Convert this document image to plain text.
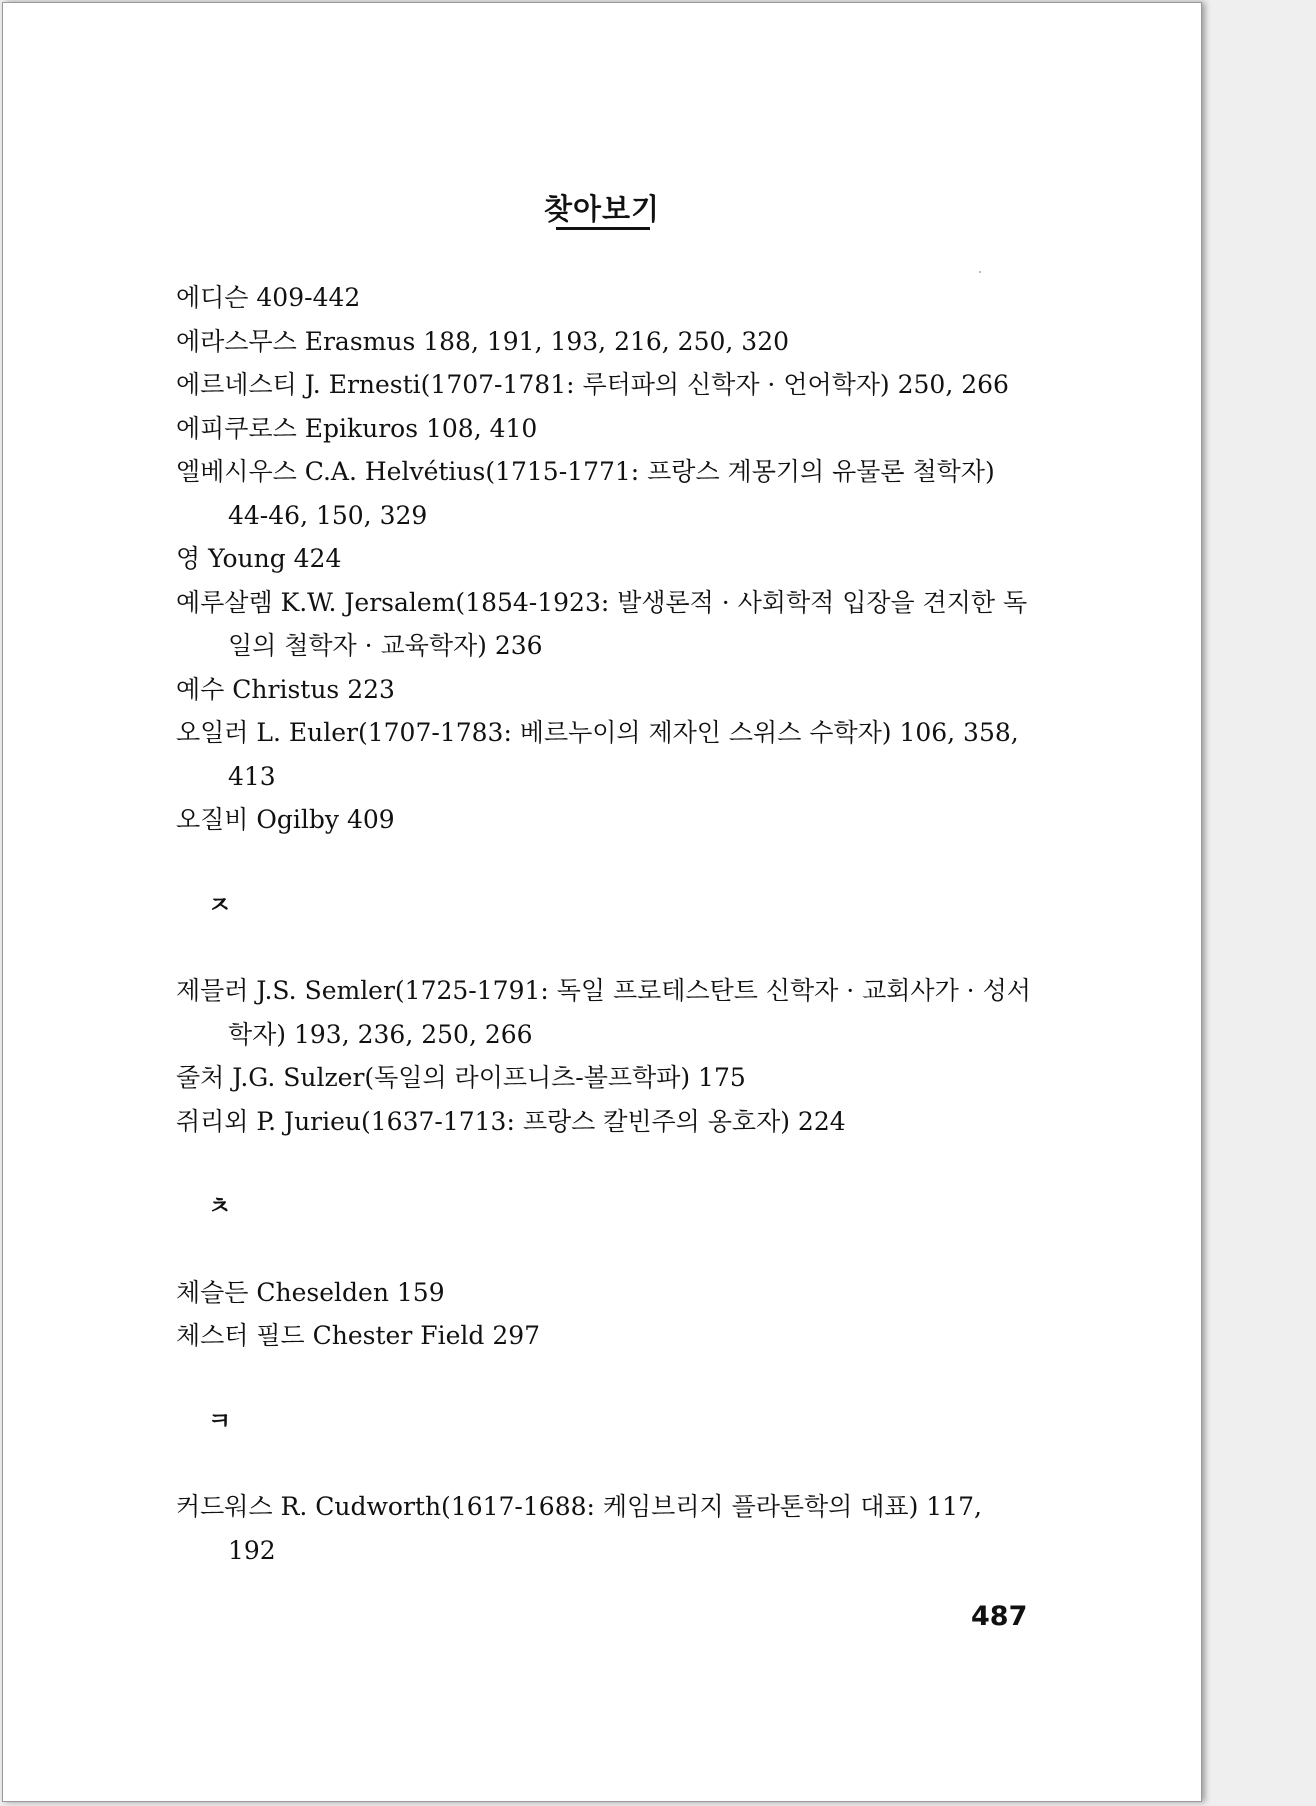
찾아보기

에디슨 409-442

에라스무스 Erasmus 188, 191, 193, 216, 250, 320

에르네스티 J. Ernesti(1707-1781: 루터파의 신학자 · 언어학자) 250, 266

에피쿠로스 Epikuros 108, 410

엘베시우스 C.A. Helvétius(1715-1771: 프랑스 계몽기의 유물론 철학자) 44-46, 150, 329

영 Young 424

예루살렘 K.W. Jersalem(1854-1923: 발생론적 · 사회학적 입장을 견지한 독일의 철학자 · 교육학자) 236

예수 Christus 223

오일러 L. Euler(1707-1783: 베르누이의 제자인 스위스 수학자) 106, 358, 413

오질비 Ogilby 409

ㅈ

제믈러 J.S. Semler(1725-1791: 독일 프로테스탄트 신학자 · 교회사가 · 성서학자) 193, 236, 250, 266

줄처 J.G. Sulzer(독일의 라이프니츠-볼프학파) 175

쥐리외 P. Jurieu(1637-1713: 프랑스 칼빈주의 옹호자) 224

ㅊ

체슬든 Cheselden 159

체스터 필드 Chester Field 297

ㅋ

커드워스 R. Cudworth(1617-1688: 케임브리지 플라톤학의 대표) 117, 192

487
